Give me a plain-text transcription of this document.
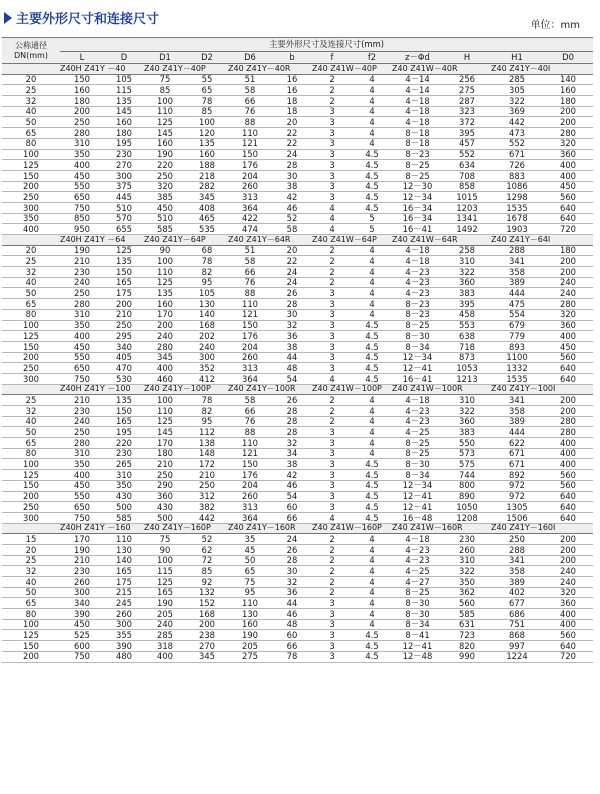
主要外形尺寸和连接尺寸	单位：mm
公称通径 DN(mm)	主要外形尺寸及连接尺寸(mm)											
	L	D	D1	D2	D6	b	f	f2	z－Φd	H	H1	D0
	Z40H Z41Y －40		Z40 Z41Y－40P		Z40 Z41Y－40R		Z40 Z41W－40P		Z40 Z41W－40R		Z40 Z41Y－40I	
20	150	105	75	55	51	16	2	4	4－14	256	285	140
25	160	115	85	65	58	16	2	4	4－14	275	305	160
32	180	135	100	78	66	18	2	4	4－18	287	322	180
40	200	145	110	85	76	18	3	4	4－18	323	369	200
50	250	160	125	100	88	20	3	4	4－18	372	442	200
65	280	180	145	120	110	22	3	4	8－18	395	473	280
80	310	195	160	135	121	22	3	4	8－18	457	552	320
100	350	230	190	160	150	24	3	4.5	8－23	552	671	360
125	400	270	220	188	176	28	3	4.5	8－25	634	726	400
150	450	300	250	218	204	30	3	4.5	8－25	708	883	400
200	550	375	320	282	260	38	3	4.5	12－30	858	1086	450
250	650	445	385	345	313	42	3	4.5	12－34	1015	1298	560
300	750	510	450	408	364	46	4	4.5	16－34	1203	1535	640
350	850	570	510	465	422	52	4	5	16－34	1341	1678	640
400	950	655	585	535	474	58	4	5	16－41	1492	1903	720
	Z40H Z41Y －64		Z40 Z41Y－64P		Z40 Z41Y－64R		Z40 Z41W－64P		Z40 Z41W－64R		Z40 Z41Y－64I	
20	190	125	90	68	51	20	2	4	4－18	258	288	180
25	210	135	100	78	58	22	2	4	4－18	310	341	200
32	230	150	110	82	66	24	2	4	4－23	322	358	200
40	240	165	125	95	76	24	2	4	4－23	360	389	240
50	250	175	135	105	88	26	3	4	4－23	383	444	240
65	280	200	160	130	110	28	3	4	8－23	395	475	280
80	310	210	170	140	121	30	3	4	8－23	458	554	320
100	350	250	200	168	150	32	3	4.5	8－25	553	679	360
125	400	295	240	202	176	36	3	4.5	8－30	638	779	400
150	450	340	280	240	204	38	3	4.5	8－34	718	893	450
200	550	405	345	300	260	44	3	4.5	12－34	873	1100	560
250	650	470	400	352	313	48	3	4.5	12－41	1053	1332	640
300	750	530	460	412	364	54	4	4.5	16－41	1213	1535	640
	Z40H Z41Y －100		Z40 Z41Y－100P		Z40 Z41Y－100R		Z40 Z41W－100P		Z40 Z41W－100R		Z40 Z41Y－100I	
25	210	135	100	78	58	26	2	4	4－18	310	341	200
32	230	150	110	82	66	28	2	4	4－23	322	358	200
40	240	165	125	95	76	28	2	4	4－23	360	389	280
50	250	195	145	112	88	28	3	4	4－25	383	444	280
65	280	220	170	138	110	32	3	4	8－25	550	622	400
80	310	230	180	148	121	34	3	4	8－25	573	671	400
100	350	265	210	172	150	38	3	4.5	8－30	575	671	400
125	400	310	250	210	176	42	3	4.5	8－34	744	892	560
150	450	350	290	250	204	46	3	4.5	12－34	800	972	560
200	550	430	360	312	260	54	3	4.5	12－41	890	972	640
250	650	500	430	382	313	60	3	4.5	12－41	1050	1305	640
300	750	585	500	442	364	66	4	4.5	16－48	1208	1506	640
	Z40H Z41Y －160		Z40 Z41Y－160P		Z40 Z41Y－160R		Z40 Z41W－160P		Z40 Z41W－160R		Z40 Z41Y－160I	
15	170	110	75	52	35	24	2	4	4－18	230	250	200
20	190	130	90	62	45	26	2	4	4－23	260	288	200
25	210	140	100	72	50	28	2	4	4－23	310	341	200
32	230	165	115	85	65	30	2	4	4－25	322	358	240
40	260	175	125	92	75	32	2	4	4－27	350	389	240
50	300	215	165	132	95	36	2	4	8－25	362	402	320
65	340	245	190	152	110	44	3	4	8－30	560	677	360
80	390	260	205	168	130	46	3	4	8－30	585	686	400
100	450	300	240	200	160	48	3	4	8－34	631	751	400
125	525	355	285	238	190	60	3	4.5	8－41	723	868	560
150	600	390	318	270	205	66	3	4.5	12－41	820	997	640
200	750	480	400	345	275	78	3	4.5	12－48	990	1224	720
